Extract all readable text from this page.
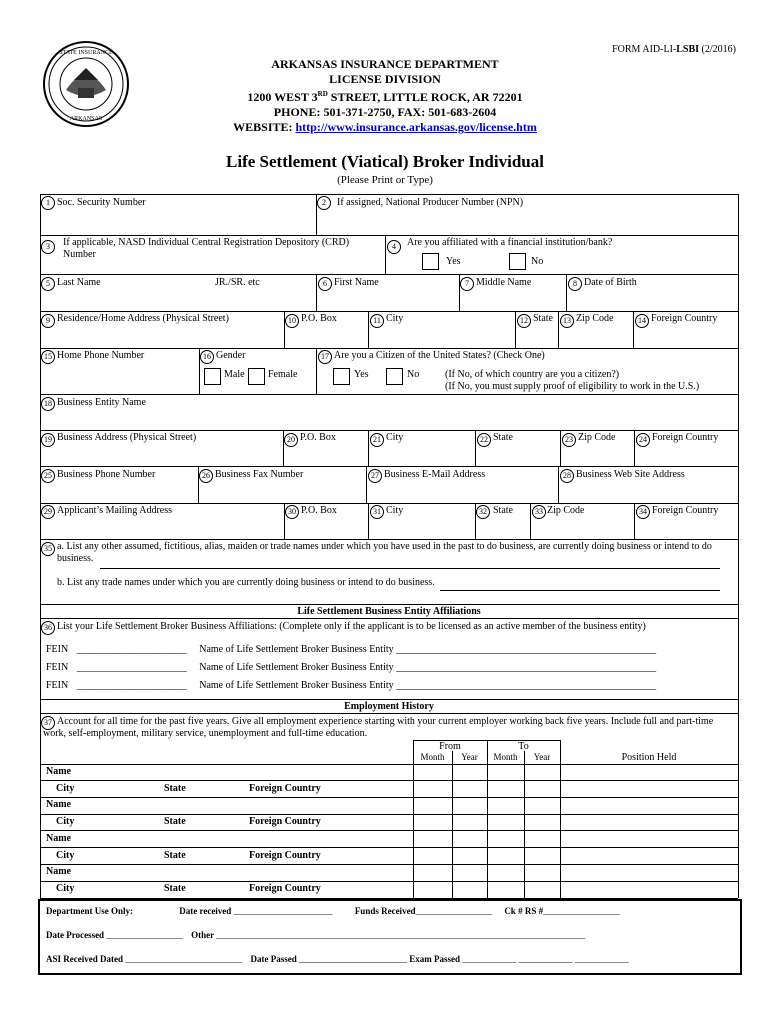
FORM AID-LI-LSBI (2/2016)
STATE INSURANCE
ARKANSAS
ARKANSAS INSURANCE DEPARTMENT
LICENSE DIVISION
1200 WEST 3RD STREET, LITTLE ROCK, AR 72201
PHONE: 501-371-2750, FAX: 501-683-2604
WEBSITE: http://www.insurance.arkansas.gov/license.htm
Life Settlement (Viatical) Broker Individual
(Please Print or Type)
1 Soc. Security Number	2	If assigned, National Producer Number (NPN)
3	If applicable, NASD Individual Central Registration Depository (CRD)
Number
4	Are you affiliated with a financial institution/bank?
Yes	No
5 Last Name	JR./SR. etc	6 First Name	7 Middle Name	8 Date of Birth
9 Residence/Home Address (Physical Street)	10 P.O. Box	11 City	12 State	13 Zip Code	14 Foreign Country
15 Home Phone Number	16 Gender
Male Female
17 Are you a Citizen of the United States? (Check One)
Yes	No	(If No, of which country are you a citizen?)
(If No, you must supply proof of eligibility to work in the U.S.)
18 Business Entity Name
19 Business Address (Physical Street)	20 P.O. Box	21 City	22 State	23 Zip Code	24 Foreign Country
25 Business Phone Number	26 Business Fax Number	27 Business E-Mail Address	28 Business Web Site Address
29 Applicant’s Mailing Address	30 P.O. Box	31 City	32 State	33 Zip Code	34 Foreign Country
35 a. List any other assumed, fictitious, alias, maiden or trade names under which you have used in the past to do business, are currently doing business or intend to do
business.
b. List any trade names under which you are currently doing business or intend to do business.
Life Settlement Business Entity Affiliations
36 List your Life Settlement Broker Business Affiliations: (Complete only if the applicant is to be licensed as an active member of the business entity)
FEIN ______________________ Name of Life Settlement Broker Business Entity ____________________________________________________
FEIN ______________________ Name of Life Settlement Broker Business Entity ____________________________________________________
FEIN ______________________ Name of Life Settlement Broker Business Entity ____________________________________________________
Employment History
37 Account for all time for the past five years. Give all employment experience starting with your current employer working back five years. Include full and part-time
work, self-employment, military service, unemployment and full-time education.
From	To
Month	Year	Month	Year	Position Held
Name
City	State	Foreign Country
Name
City	State	Foreign Country
Name
City	State	Foreign Country
Name
City	State	Foreign Country
Department Use Only:	Date received ______________________ Funds Received_________________ Ck # RS #_________________
Date Processed _________________ Other __________________________________________________________________________________
ASI Received Dated __________________________ Date Passed ________________________ Exam Passed ____________ ____________ ____________
